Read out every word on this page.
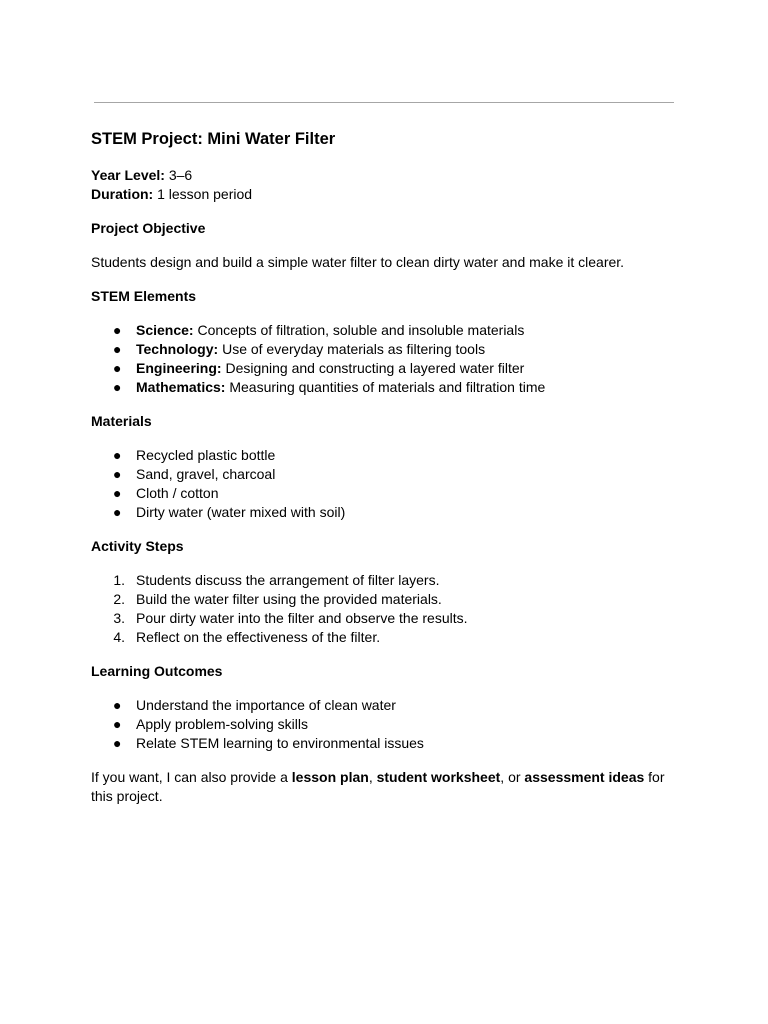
STEM Project: Mini Water Filter

Year Level: 3–6

Duration: 1 lesson period

Project Objective

Students design and build a simple water filter to clean dirty water and make it clearer.

STEM Elements

● Science: Concepts of filtration, soluble and insoluble materials
● Technology: Use of everyday materials as filtering tools
● Engineering: Designing and constructing a layered water filter
● Mathematics: Measuring quantities of materials and filtration time

Materials

● Recycled plastic bottle
● Sand, gravel, charcoal
● Cloth / cotton
● Dirty water (water mixed with soil)

Activity Steps

1. Students discuss the arrangement of filter layers.
2. Build the water filter using the provided materials.
3. Pour dirty water into the filter and observe the results.
4. Reflect on the effectiveness of the filter.

Learning Outcomes

● Understand the importance of clean water
● Apply problem-solving skills
● Relate STEM learning to environmental issues

If you want, I can also provide a lesson plan, student worksheet, or assessment ideas for this project.
